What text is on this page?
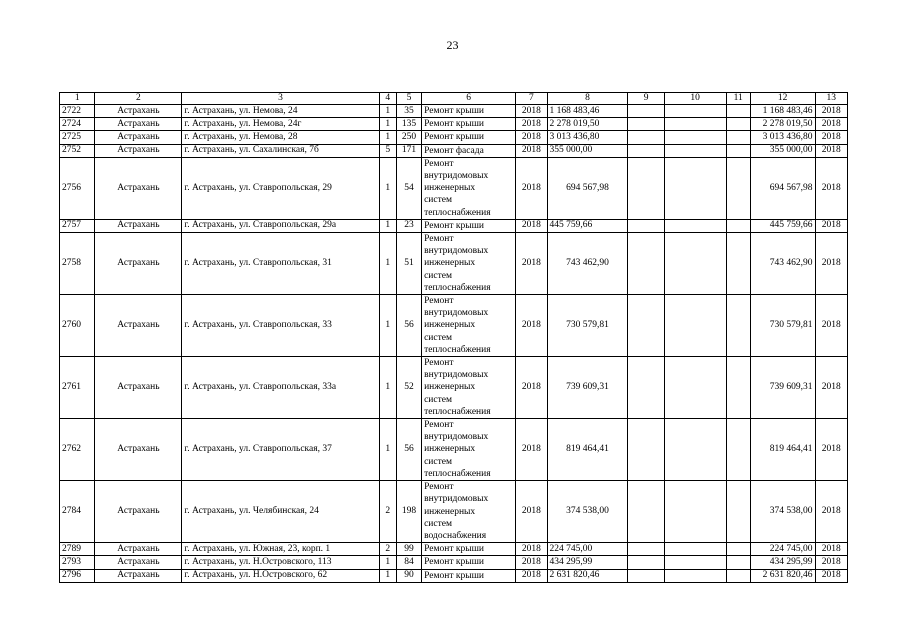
23
1	2	3	4	5	6	7	8	9	10	11	12	13
2722	Астрахань	г. Астрахань, ул. Немова, 24	1	35	Ремонт крыши	2018	1 168 483,46				1 168 483,46	2018
2724	Астрахань	г. Астрахань, ул. Немова, 24г	1	135	Ремонт крыши	2018	2 278 019,50				2 278 019,50	2018
2725	Астрахань	г. Астрахань, ул. Немова, 28	1	250	Ремонт крыши	2018	3 013 436,80				3 013 436,80	2018
2752	Астрахань	г. Астрахань, ул. Сахалинская, 7б	5	171	Ремонт фасада	2018	355 000,00				355 000,00	2018
2756	Астрахань	г. Астрахань, ул. Ставропольская, 29	1	54	Ремонт
внутридомовых
инженерных
систем
теплоснабжения	2018	694 567,98				694 567,98	2018
2757	Астрахань	г. Астрахань, ул. Ставропольская, 29а	1	23	Ремонт крыши	2018	445 759,66				445 759,66	2018
2758	Астрахань	г. Астрахань, ул. Ставропольская, 31	1	51	Ремонт
внутридомовых
инженерных
систем
теплоснабжения	2018	743 462,90				743 462,90	2018
2760	Астрахань	г. Астрахань, ул. Ставропольская, 33	1	56	Ремонт
внутридомовых
инженерных
систем
теплоснабжения	2018	730 579,81				730 579,81	2018
2761	Астрахань	г. Астрахань, ул. Ставропольская, 33а	1	52	Ремонт
внутридомовых
инженерных
систем
теплоснабжения	2018	739 609,31				739 609,31	2018
2762	Астрахань	г. Астрахань, ул. Ставропольская, 37	1	56	Ремонт
внутридомовых
инженерных
систем
теплоснабжения	2018	819 464,41				819 464,41	2018
2784	Астрахань	г. Астрахань, ул. Челябинская, 24	2	198	Ремонт
внутридомовых
инженерных
систем
водоснабжения	2018	374 538,00				374 538,00	2018
2789	Астрахань	г. Астрахань, ул. Южная, 23, корп. 1	2	99	Ремонт крыши	2018	224 745,00				224 745,00	2018
2793	Астрахань	г. Астрахань, ул. Н.Островского, 113	1	84	Ремонт крыши	2018	434 295,99				434 295,99	2018
2796	Астрахань	г. Астрахань, ул. Н.Островского, 62	1	90	Ремонт крыши	2018	2 631 820,46				2 631 820,46	2018
